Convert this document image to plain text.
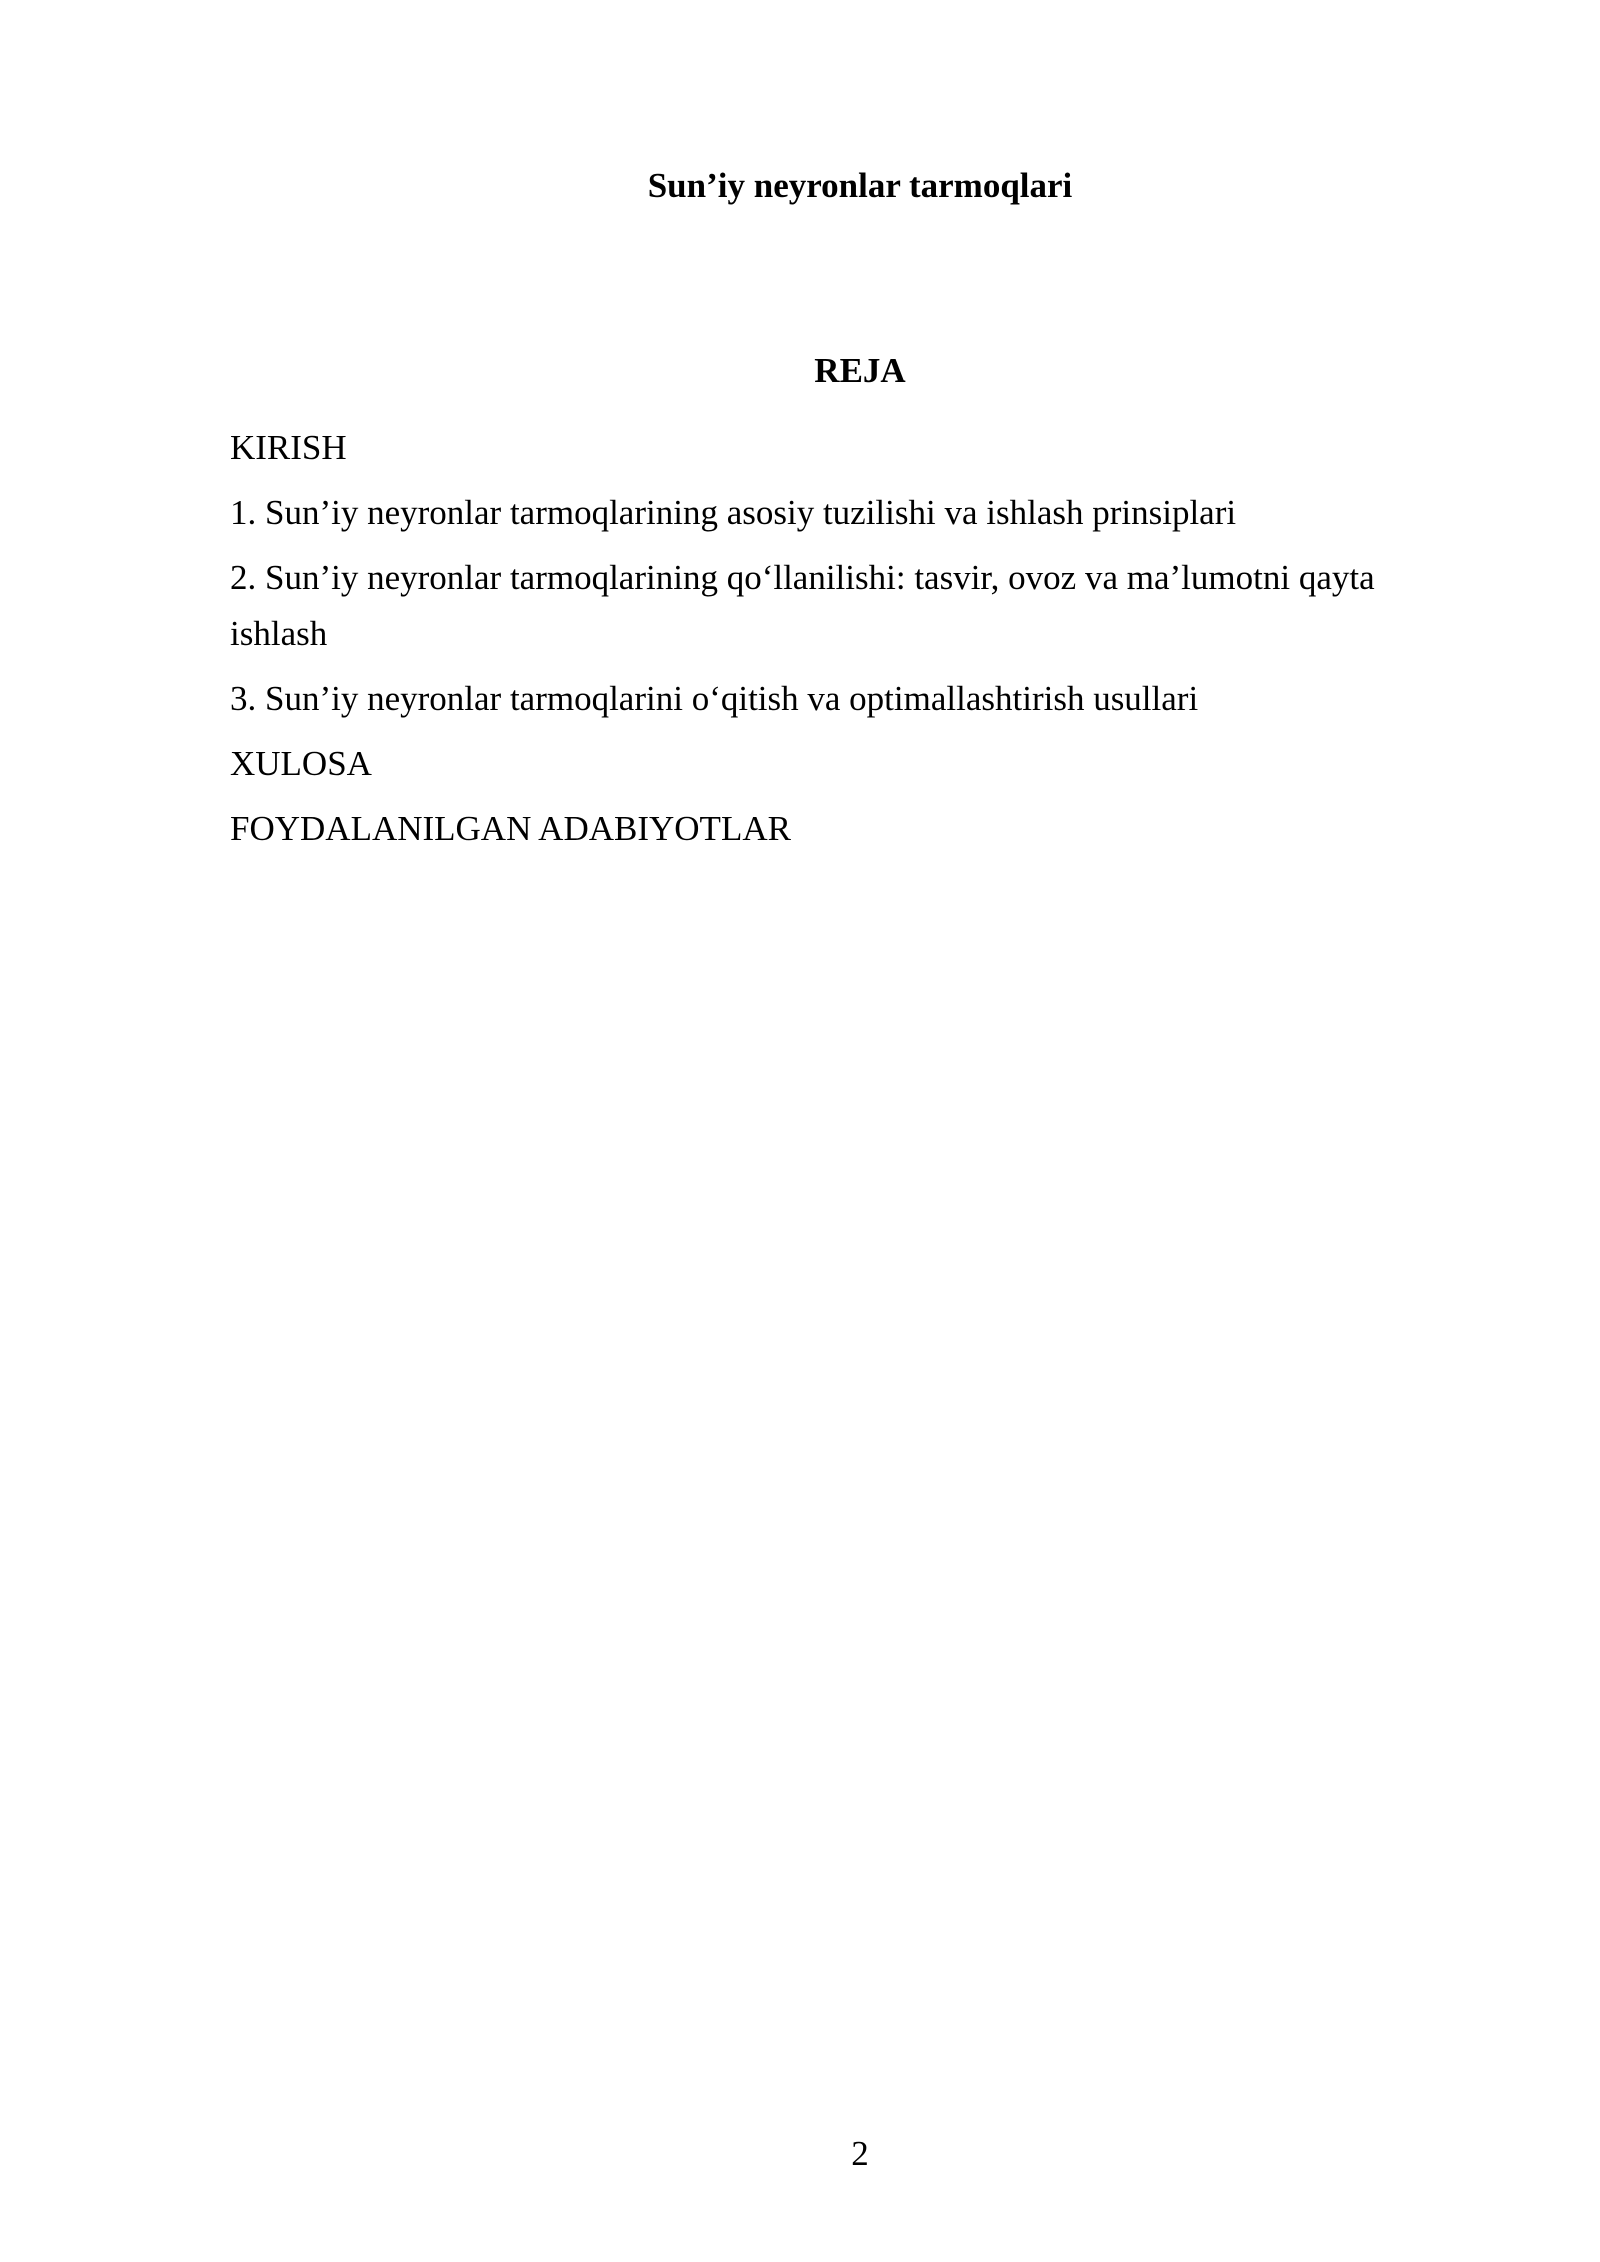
Sun’iy neyronlar tarmoqlari
REJA
KIRISH
1. Sun’iy neyronlar tarmoqlarining asosiy tuzilishi va ishlash prinsiplari
2. Sun’iy neyronlar tarmoqlarining qo‘llanilishi: tasvir, ovoz va ma’lumotni qayta ishlash
3. Sun’iy neyronlar tarmoqlarini o‘qitish va optimallashtirish usullari
XULOSA
FOYDALANILGAN ADABIYOTLAR
2
